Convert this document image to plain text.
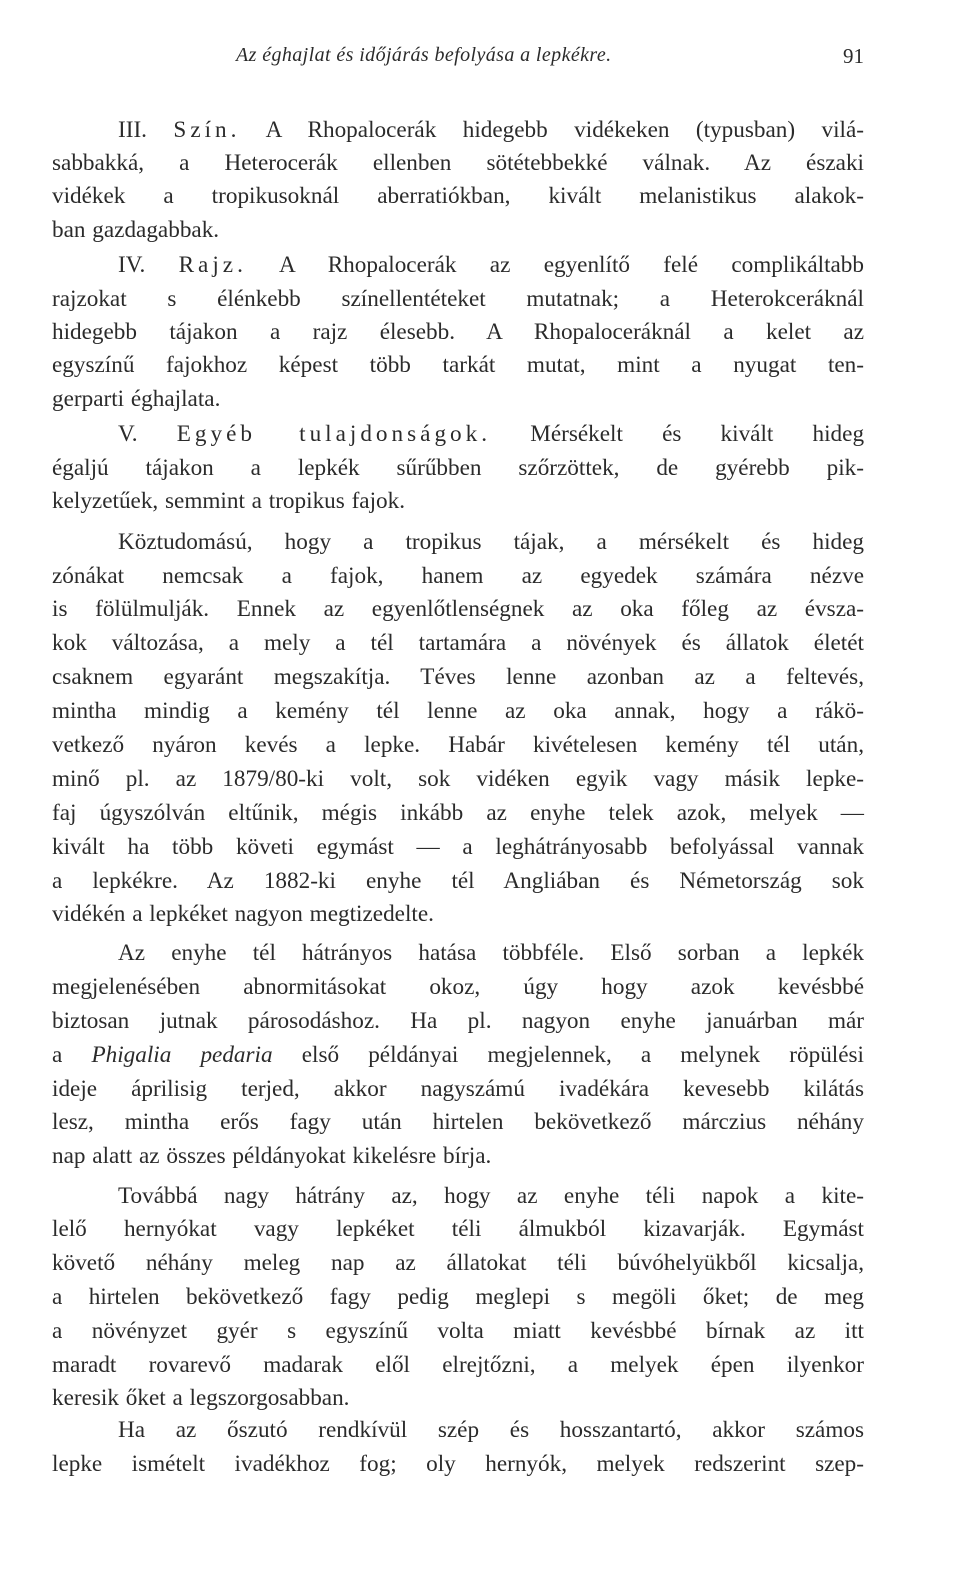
Az éghajlat és időjárás befolyása a lepkékre.	91
III. Szín. A Rhopalocerák hidegebb vidékeken (typusban) vilá-
sabbakká, a Heterocerák ellenben sötétebbekké válnak. Az északi
vidékek a tropikusoknál aberratiókban, kivált melanistikus alakok-
ban gazdagabbak.
IV. Rajz. A Rhopalocerák az egyenlítő felé complikáltabb
rajzokat s élénkebb színellentéteket mutatnak; a Heterokceráknál
hidegebb tájakon a rajz élesebb. A Rhopaloceráknál a kelet az
egyszínű fajokhoz képest több tarkát mutat, mint a nyugat ten-
gerparti éghajlata.
V. Egyéb tulajdonságok. Mérsékelt és kivált hideg
égaljú tájakon a lepkék sűrűbben szőrzöttek, de gyérebb pik-
kelyzetűek, semmint a tropikus fajok.
Köztudomású, hogy a tropikus tájak, a mérsékelt és hideg
zónákat nemcsak a fajok, hanem az egyedek számára nézve
is fölülmulják. Ennek az egyenlőtlenségnek az oka főleg az évsza-
kok változása, a mely a tél tartamára a növények és állatok életét
csaknem egyaránt megszakítja. Téves lenne azonban az a feltevés,
mintha mindig a kemény tél lenne az oka annak, hogy a rákö-
vetkező nyáron kevés a lepke. Habár kivételesen kemény tél után,
minő pl. az 1879/80-ki volt, sok vidéken egyik vagy másik lepke-
faj úgyszólván eltűnik, mégis inkább az enyhe telek azok, melyek —
kivált ha több követi egymást — a leghátrányosabb befolyással vannak
a lepkékre. Az 1882-ki enyhe tél Angliában és Németország sok
vidékén a lepkéket nagyon megtizedelte.
Az enyhe tél hátrányos hatása többféle. Első sorban a lepkék
megjelenésében abnormitásokat okoz, úgy hogy azok kevésbbé
biztosan jutnak párosodáshoz. Ha pl. nagyon enyhe januárban már
a Phigalia pedaria első példányai megjelennek, a melynek röpülési
ideje áprilisig terjed, akkor nagyszámú ivadékára kevesebb kilátás
lesz, mintha erős fagy után hirtelen bekövetkező márczius néhány
nap alatt az összes példányokat kikelésre bírja.
Továbbá nagy hátrány az, hogy az enyhe téli napok a kite-
lelő hernyókat vagy lepkéket téli álmukból kizavarják. Egymást
követő néhány meleg nap az állatokat téli búvóhelyükből kicsalja,
a hirtelen bekövetkező fagy pedig meglepi s megöli őket; de meg
a növényzet gyér s egyszínű volta miatt kevésbbé bírnak az itt
maradt rovarevő madarak elől elrejtőzni, a melyek épen ilyenkor
keresik őket a legszorgosabban.
Ha az őszutó rendkívül szép és hosszantartó, akkor számos
lepke ismételt ivadékhoz fog; oly hernyók, melyek redszerint szep-
